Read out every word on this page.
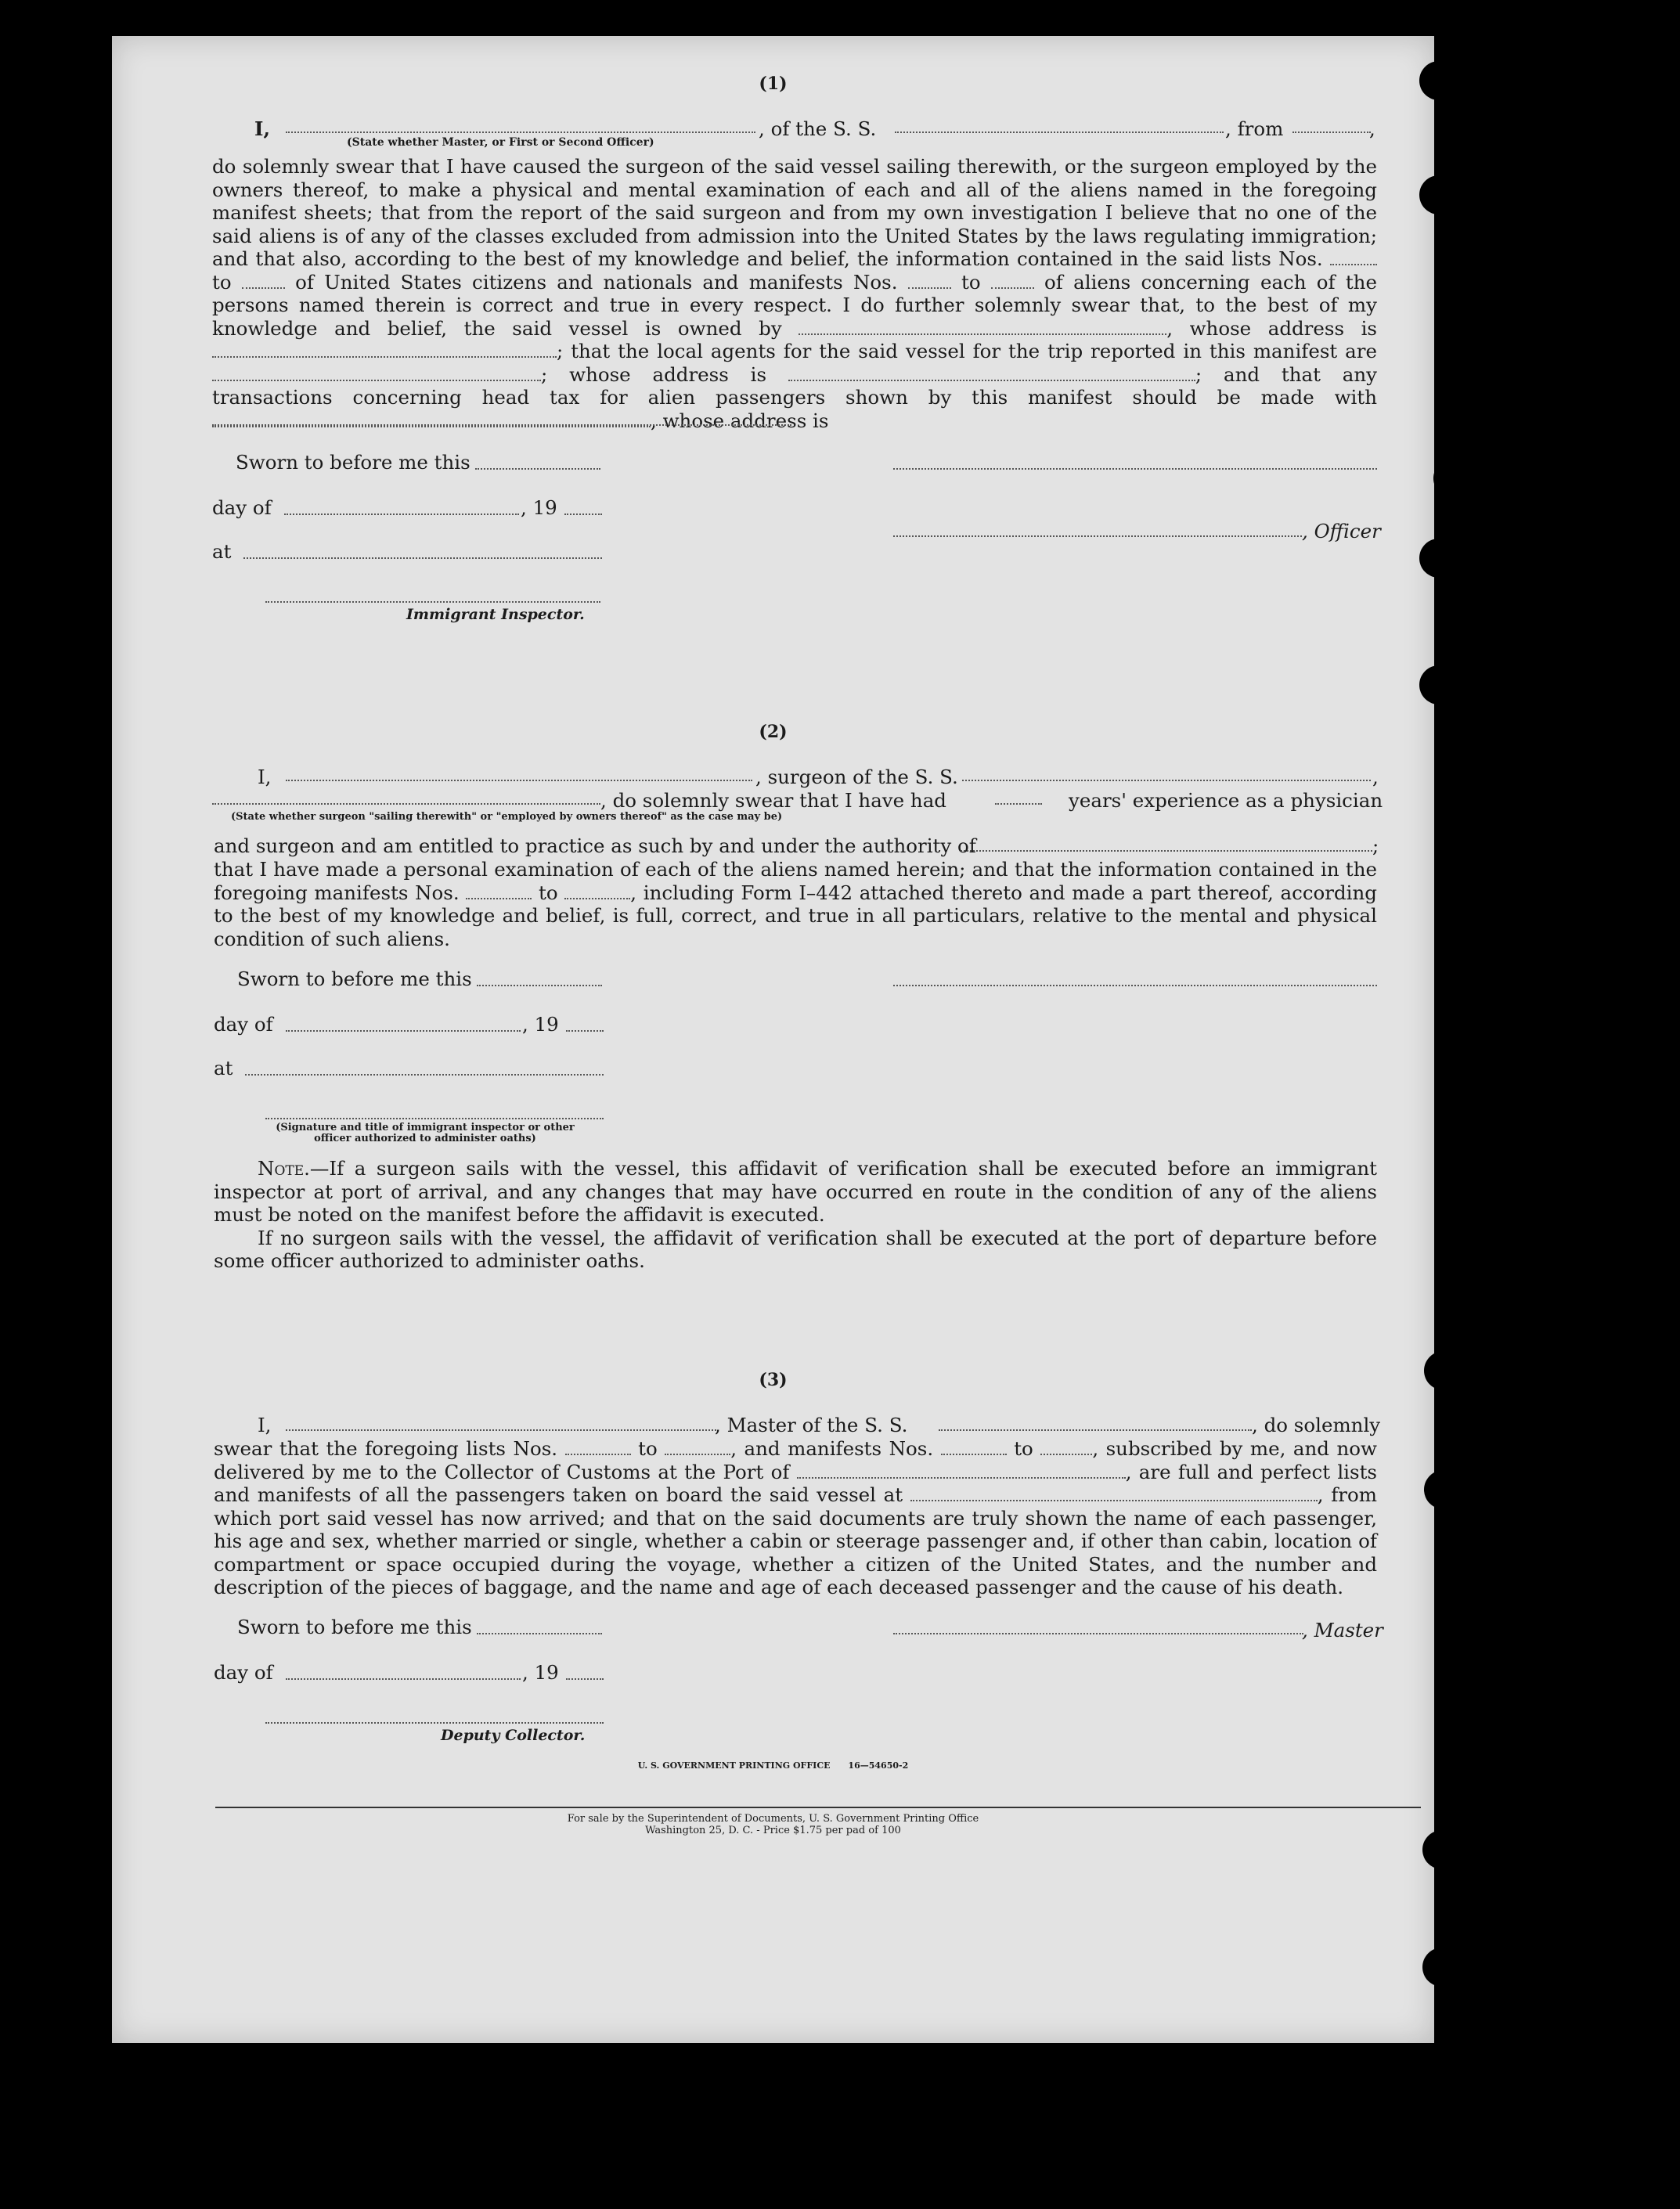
(1)
I,	, of the S. S.	, from	,
(State whether Master, or First or Second Officer)

do solemnly swear that I have caused the surgeon of the said vessel sailing therewith, or the surgeon employed by the owners thereof, to make a physical and mental examination of each and all of the aliens named in the foregoing manifest sheets; that from the report of the said surgeon and from my own investigation I believe that no one of the said aliens is of any of the classes excluded from admission into the United States by the laws regulating immigration; and that also, according to the best of my knowledge and belief, the information contained in the said lists Nos.  to	of United States citizens and nationals and manifests Nos.	to	of aliens concerning each of the persons named therein is correct and true in every respect. I do further solemnly swear that, to the best of my knowledge and belief, the said vessel is owned by	, whose address is ; that the local agents for the said vessel for the trip reported in this manifest are ; whose address is	; and that any transactions concerning head tax for alien passengers shown by this manifest should be made with , whose address is

Sworn to before me this
day of	, 19
at
Immigrant Inspector.
, Officer
(2)
I,	, surgeon of the S. S.	,
, do solemnly swear that I have had	years' experience as a physician
(State whether surgeon "sailing therewith" or "employed by owners thereof" as the case may be)
and surgeon and am entitled to practice as such by and under the authority of	;

that I have made a personal examination of each of the aliens named herein; and that the information contained in the foregoing manifests Nos.	to	, including Form I–442 attached thereto and made a part thereof, according to the best of my knowledge and belief, is full, correct, and true in all particulars, relative to the mental and physical condition of such aliens.

Sworn to before me this
day of	, 19
at
(Signature and title of immigrant inspector or other officer authorized to administer oaths)

Note.—If a surgeon sails with the vessel, this affidavit of verification shall be executed before an immigrant inspector at port of arrival, and any changes that may have occurred en route in the condition of any of the aliens must be noted on the manifest before the affidavit is executed.

If no surgeon sails with the vessel, the affidavit of verification shall be executed at the port of departure before some officer authorized to administer oaths.

(3)
I,	, Master of the S. S.	, do solemnly

swear that the foregoing lists Nos.	to	, and manifests Nos.	to	, subscribed by me, and now delivered by me to the Collector of Customs at the Port of	, are full and perfect lists and manifests of all the passengers taken on board the said vessel at	, from which port said vessel has now arrived; and that on the said documents are truly shown the name of each passenger, his age and sex, whether married or single, whether a cabin or steerage passenger and, if other than cabin, location of compartment or space occupied during the voyage, whether a citizen of the United States, and the number and description of the pieces of baggage, and the name and age of each deceased passenger and the cause of his death.

Sworn to before me this	, Master
day of	, 19
Deputy Collector.
U. S. GOVERNMENT PRINTING OFFICE      16—54650-2
For sale by the Superintendent of Documents, U. S. Government Printing Office
Washington 25, D. C. - Price $1.75 per pad of 100
